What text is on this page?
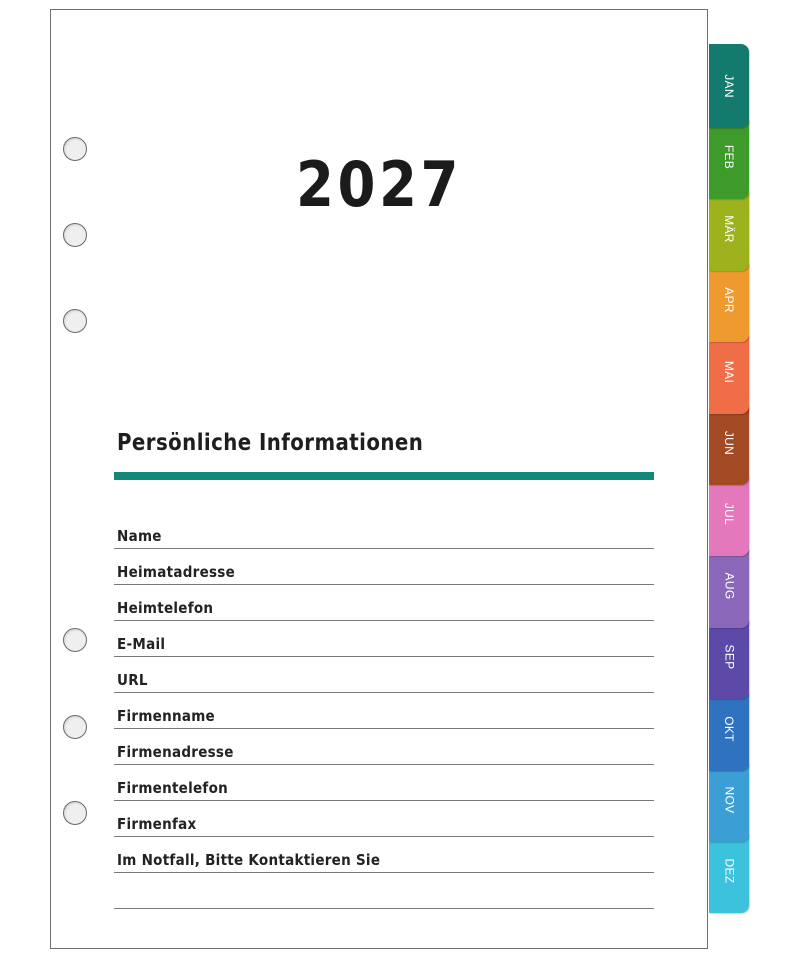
2027
Persönliche Informationen
Name
Heimatadresse
Heimtelefon
E-Mail
URL
Firmenname
Firmenadresse
Firmentelefon
Firmenfax
Im Notfall, Bitte Kontaktieren Sie
JAN
FEB
MÄR
APR
MAI
JUN
JUL
AUG
SEP
OKT
NOV
DEZ
